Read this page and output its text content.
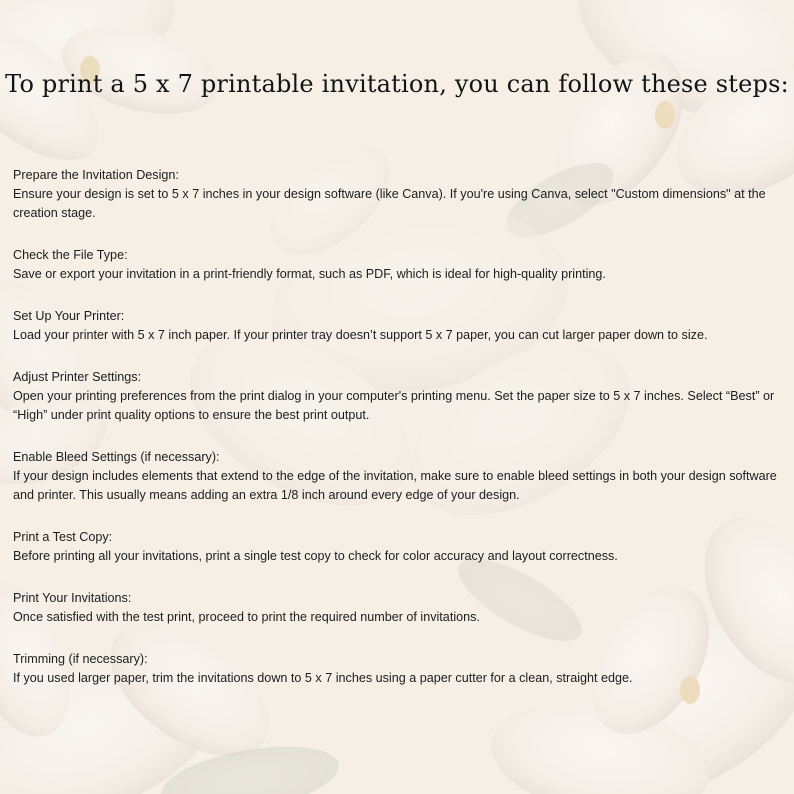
To print a 5 x 7 printable invitation, you can follow these steps:
Prepare the Invitation Design:
Ensure your design is set to 5 x 7 inches in your design software (like Canva). If you're using Canva, select "Custom dimensions" at the creation stage.
Check the File Type:
Save or export your invitation in a print-friendly format, such as PDF, which is ideal for high-quality printing.
Set Up Your Printer:
Load your printer with 5 x 7 inch paper. If your printer tray doesn’t support 5 x 7 paper, you can cut larger paper down to size.
Adjust Printer Settings:
Open your printing preferences from the print dialog in your computer's printing menu. Set the paper size to 5 x 7 inches. Select “Best” or “High” under print quality options to ensure the best print output.
Enable Bleed Settings (if necessary):
If your design includes elements that extend to the edge of the invitation, make sure to enable bleed settings in both your design software and printer. This usually means adding an extra 1/8 inch around every edge of your design.
Print a Test Copy:
Before printing all your invitations, print a single test copy to check for color accuracy and layout correctness.
Print Your Invitations:
Once satisfied with the test print, proceed to print the required number of invitations.
Trimming (if necessary):
If you used larger paper, trim the invitations down to 5 x 7 inches using a paper cutter for a clean, straight edge.
